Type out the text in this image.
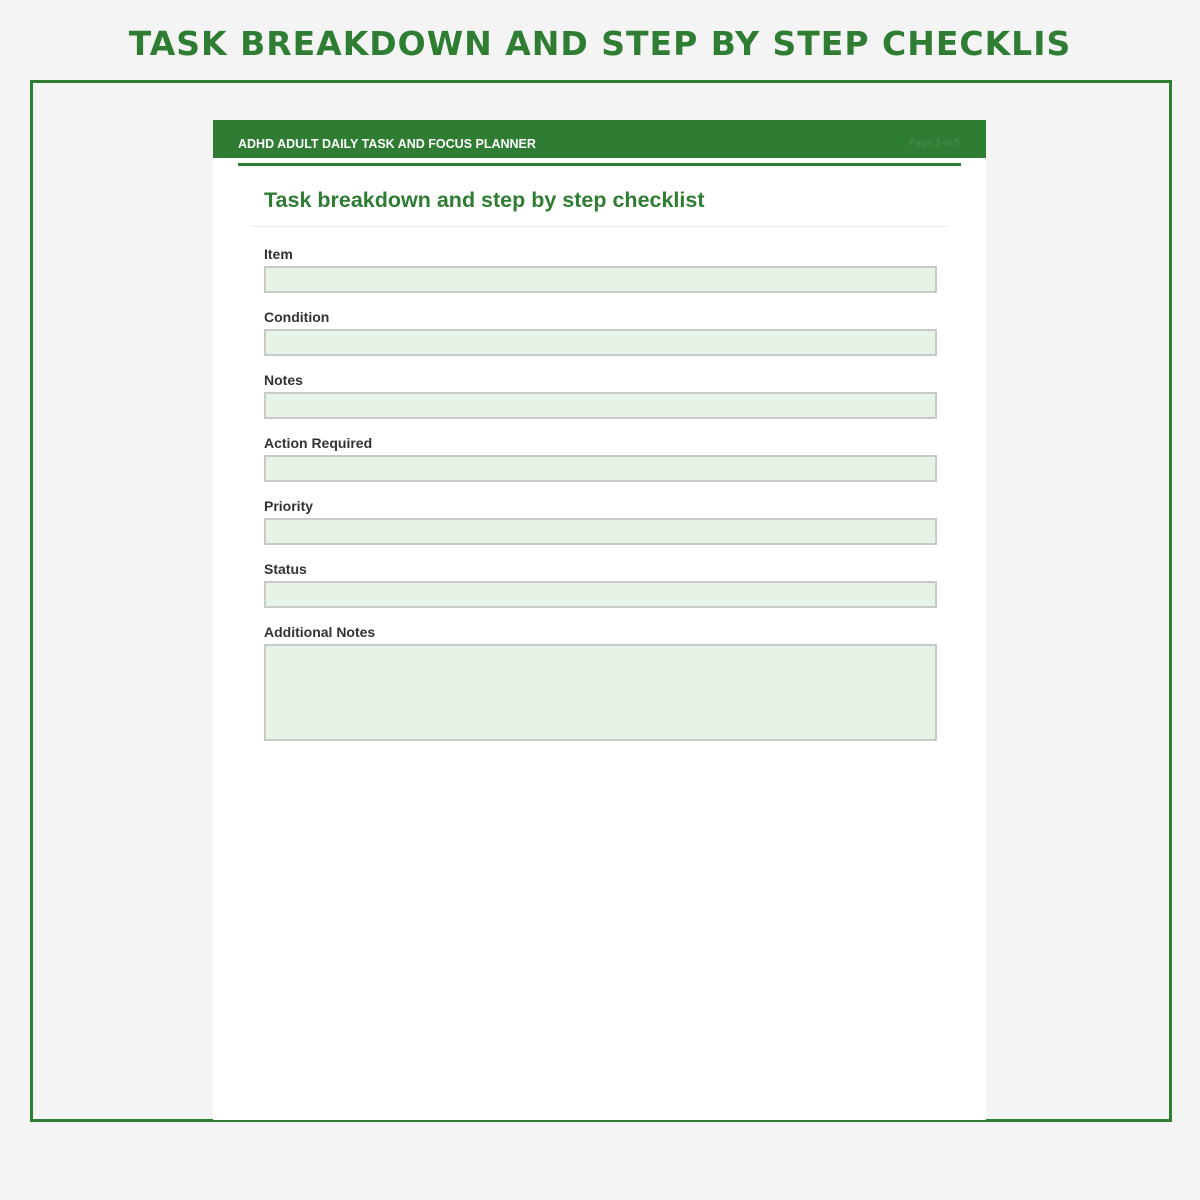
TASK BREAKDOWN AND STEP BY STEP CHECKLIS
ADHD ADULT DAILY TASK AND FOCUS PLANNER	Page 3 of 5
Task breakdown and step by step checklist
Item
Condition
Notes
Action Required
Priority
Status
Additional Notes
